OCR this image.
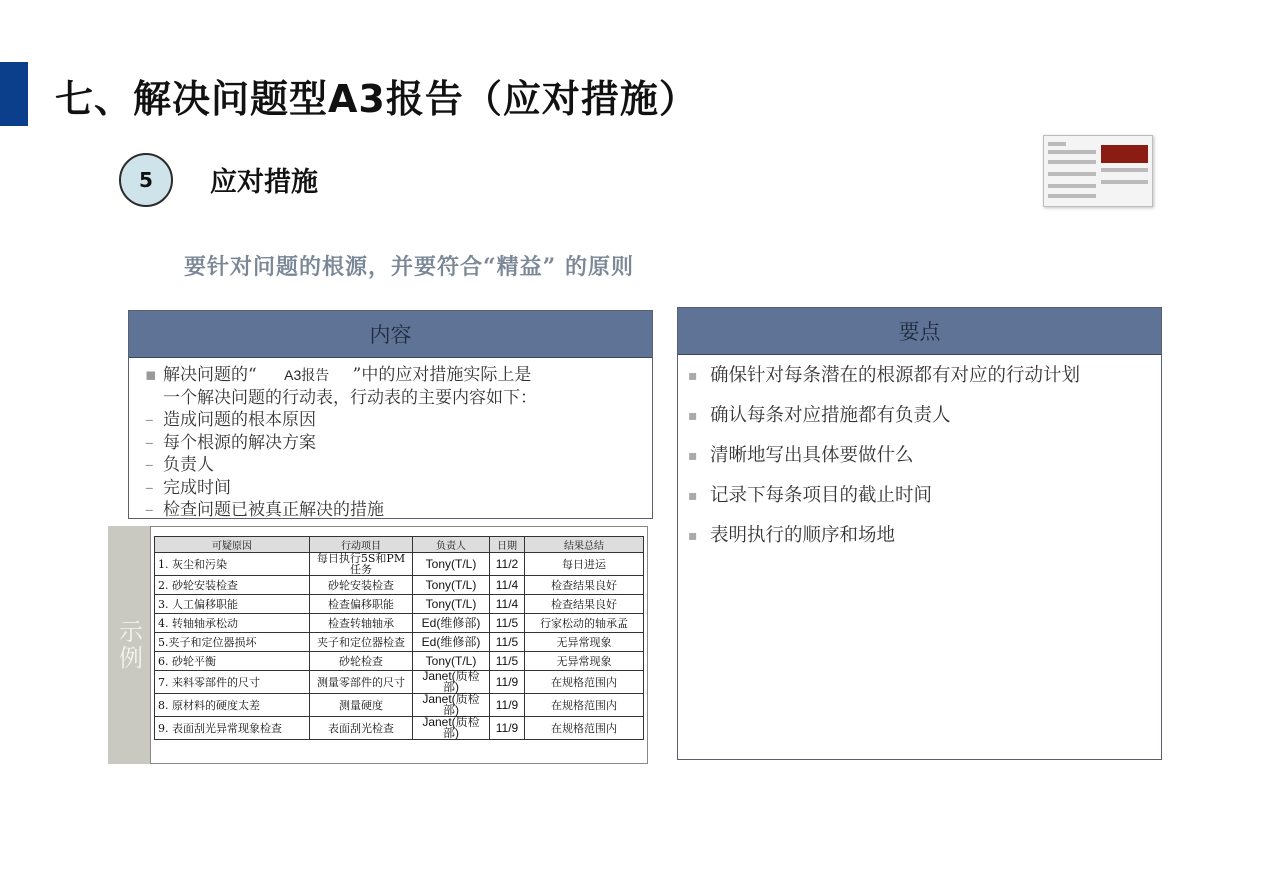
七、解决问题型A3报告（应对措施）
5	应对措施
要针对问题的根源，并要符合“精益” 的原则
内容
▪ 解决问题的“ A3报告 ”中的应对措施实际上是
一个解决问题的行动表，行动表的主要内容如下：
– 造成问题的根本原因
– 每个根源的解决方案
– 负责人
– 完成时间
– 检查问题已被真正解决的措施
要点
▪ 确保针对每条潜在的根源都有对应的行动计划
▪ 确认每条对应措施都有负责人
▪ 清晰地写出具体要做什么
▪ 记录下每条项目的截止时间
▪ 表明执行的顺序和场地
示例
可疑原因	行动项目	负责人	日期	结果总结
1. 灰尘和污染	每日执行5S和PM任务	Tony(T/L)	11/2	每日进运
2. 砂轮安装检查	砂轮安装检查	Tony(T/L)	11/4	检查结果良好
3. 人工偏移职能	检查偏移职能	Tony(T/L)	11/4	检查结果良好
4. 转轴轴承松动	检查转轴轴承	Ed(维修部)	11/5	行家松动的轴承孟
5.夹子和定位器损坏	夹子和定位器检查	Ed(维修部)	11/5	无异常现象
6. 砂轮平衡	砂轮检查	Tony(T/L)	11/5	无异常现象
7. 来料零部件的尺寸	测量零部件的尺寸	Janet(质检部)	11/9	在规格范围内
8. 原材料的硬度太差	测量硬度	Janet(质检部)	11/9	在规格范围内
9. 表面刮光异常现象检查	表面刮光检查	Janet(质检部)	11/9	在规格范围内
